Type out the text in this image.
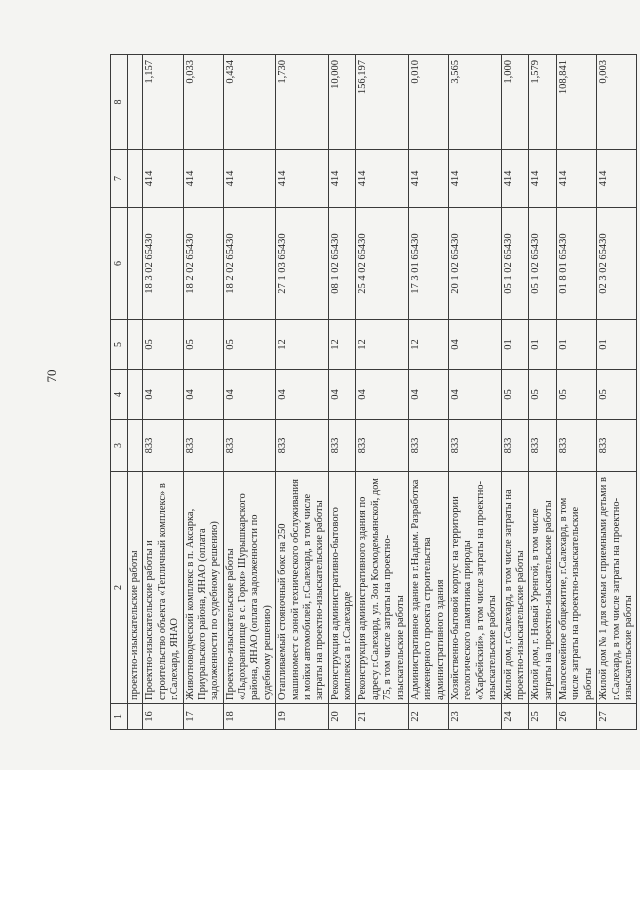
70
1	2	3	4	5	6	7	8
	проектно-изыскательские работы						
16	Проектно-изыскательские работы и строительство объекта «Тепличный комплекс» в г.Салехард, ЯНАО	833	04	05	18 3 02 65430	414	1,157
17	Животноводческий комплекс в п. Аксарка, Приуральского района, ЯНАО (оплата задолженности по судебному решению)	833	04	05	18 2 02 65430	414	0,033
18	Проектно-изыскательские работы «Льдохранилище в с. Горки» Шурышкарского района, ЯНАО (оплата задолженности по судебному решению)	833	04	05	18 2 02 65430	414	0,434
19	Отапливаемый стояночный бокс на 250 машиномест с зоной технического обслуживания и мойки автомобилей, г.Салехард, в том числе затраты на проектно-изыскательские работы	833	04	12	27 1 03 65430	414	1,730
20	Реконструкция административно-бытового комплекса в г.Салехарде	833	04	12	08 1 02 65430	414	10,000
21	Реконструкция административного здания по адресу г.Салехард, ул. Зои Космодемьянской, дом 75, в том числе затраты на проектно-изыскательские работы	833	04	12	25 4 02 65430	414	156,197
22	Административное здание в г.Надым. Разработка инженерного проекта строительства административного здания	833	04	12	17 3 01 65430	414	0,010
23	Хозяйственно-бытовой корпус на территории геологического памятника природы «Харбейский», в том числе затраты на проектно-изыскательские работы	833	04	04	20 1 02 65430	414	3,565
24	Жилой дом, г.Салехард, в том числе затраты на проектно-изыскательские работы	833	05	01	05 1 02 65430	414	1,000
25	Жилой дом, г. Новый Уренгой, в том числе затраты на проектно-изыскательские работы	833	05	01	05 1 02 65430	414	1,579
26	Малосемейное общежитие, г.Салехард, в том числе затраты на проектно-изыскательские работы	833	05	01	01 8 01 65430	414	108,841
27	Жилой дом № 1 для семьи с приемными детьми в г.Салехард, в том числе затраты на проектно-изыскательские работы	833	05	01	02 3 02 65430	414	0,003
